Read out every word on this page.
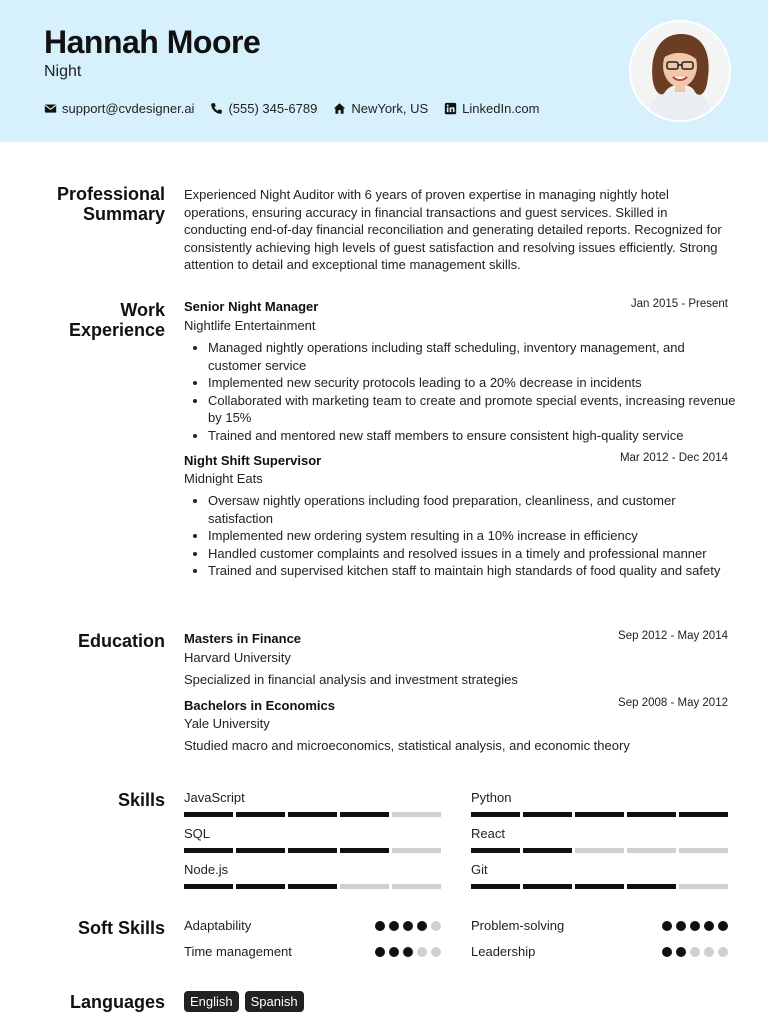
Hannah Moore
Night
support@cvdesigner.ai	(555) 345-6789	NewYork, US	LinkedIn.com
Professional
Summary
Experienced Night Auditor with 6 years of proven expertise in managing nightly hotel operations, ensuring accuracy in financial transactions and guest services. Skilled in conducting end-of-day financial reconciliation and generating detailed reports. Recognized for consistently achieving high levels of guest satisfaction and resolving issues efficiently. Strong attention to detail and exceptional time management skills.
Work
Experience
Senior Night Manager	Jan 2015 - Present
Nightlife Entertainment
• Managed nightly operations including staff scheduling, inventory management, and customer service
• Implemented new security protocols leading to a 20% decrease in incidents
• Collaborated with marketing team to create and promote special events, increasing revenue by 15%
• Trained and mentored new staff members to ensure consistent high-quality service
Night Shift Supervisor	Mar 2012 - Dec 2014
Midnight Eats
• Oversaw nightly operations including food preparation, cleanliness, and customer satisfaction
• Implemented new ordering system resulting in a 10% increase in efficiency
• Handled customer complaints and resolved issues in a timely and professional manner
• Trained and supervised kitchen staff to maintain high standards of food quality and safety
Education Masters in Finance	Sep 2012 - May 2014
Harvard University
Specialized in financial analysis and investment strategies
Bachelors in Economics	Sep 2008 - May 2012
Yale University
Studied macro and microeconomics, statistical analysis, and economic theory
Skills JavaScript	Python
SQL	React
Node.js	Git
Soft Skills Adaptability	Problem-solving
Time management	Leadership
Languages	English	Spanish
